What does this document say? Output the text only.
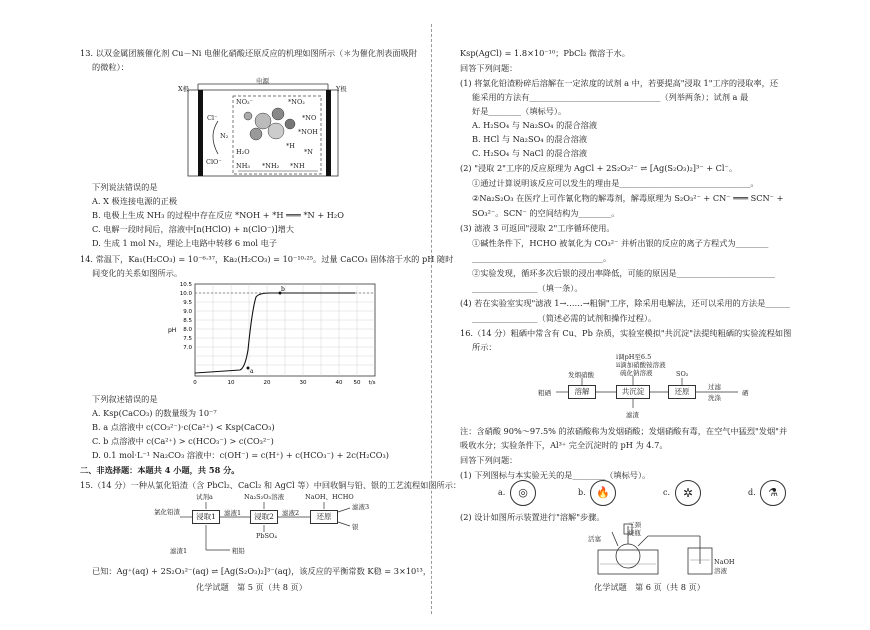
13. 以双金属团簇催化剂 Cu－Ni 电催化硝酸还原反应的机理如图所示（＊为催化剂表面吸附
的微粒）：
电源
X极	Y极
Cl⁻
N₂
ClO⁻
NO₃⁻	*NO₂
*NO
*NOH
*N
*H
H₂O
NH₃ *NH₂ *NH
下列说法错误的是
A. X 极连接电源的正极
B. 电极上生成 NH₃ 的过程中存在反应 *NOH + *H ═══ *N + H₂O
C. 电解一段时间后，溶液中[n(HClO) + n(ClO⁻)]增大
D. 生成 1 mol N₂，理论上电路中转移 6 mol 电子
14. 常温下，Ka₁(H₂CO₃) = 10⁻⁶·³⁷，Ka₂(H₂CO₃) = 10⁻¹⁰·²⁵。过量 CaCO₃ 固体溶于水的 pH 随时
间变化的关系如图所示。
a
b
10.5
10.0
9.5
9.0
8.5
8.0
7.5
7.0
0	10	20	30	40 50 t/s
pH
下列叙述错误的是
A. Ksp(CaCO₃) 的数量级为 10⁻⁷
B. a 点溶液中 c(CO₃²⁻)·c(Ca²⁺) < Ksp(CaCO₃)
C. b 点溶液中 c(Ca²⁺) > c(HCO₃⁻) > c(CO₃²⁻)
D. 0.1 mol·L⁻¹ Na₂CO₃ 溶液中：c(OH⁻) = c(H⁺) + c(HCO₃⁻) + 2c(H₂CO₃)
二、非选择题：本题共 4 小题，共 58 分。
15.（14 分）一种从氯化铅渣（含 PbCl₂、CaCl₂ 和 AgCl 等）中回收铜与铅、银的工艺流程如图所示：
试剂a	Na₂S₂O₃溶液	NaOH、HCHO
氯化铅渣	浸取1	浸取2	还原
滤液1	滤液2
滤液3
银
PbSO₄
滤渣1	粗铅
已知：Ag⁺(aq) + 2S₂O₃²⁻(aq) ⇌ [Ag(S₂O₃)₂]³⁻(aq)，该反应的平衡常数 K稳 = 3×10¹³，
化学试题　第 5 页（共 8 页）
Ksp(AgCl) = 1.8×10⁻¹⁰；PbCl₂ 微溶于水。
回答下列问题：
(1) 将氯化铅渣粉碎后溶解在一定浓度的试剂 a 中，若要提高"浸取 1"工序的浸取率，还
能采用的方法有________________________________（列举两条）；试剂 a 最
好是________（填标号）。
A. H₂SO₄ 与 Na₂SO₄ 的混合溶液
B. HCl 与 Na₂SO₄ 的混合溶液
C. H₂SO₄ 与 NaCl 的混合溶液
(2) "浸取 2"工序的反应原理为 AgCl + 2S₂O₃²⁻ ⇌ [Ag(S₂O₃)₂]³⁻ + Cl⁻。
①通过计算说明该反应可以发生的理由是________________________________。
②Na₂S₂O₃ 在医疗上可作氰化物的解毒剂，解毒原理为 S₂O₃²⁻ + CN⁻ ═══ SCN⁻ +
SO₃²⁻。SCN⁻ 的空间结构为________。
(3) 滤液 3 可返回"浸取 2"工序循环使用。
①碱性条件下，HCHO 被氧化为 CO₃²⁻ 并析出银的反应的离子方程式为________
________________________________。
②实验发现，循环多次后银的浸出率降低，可能的原因是________________________
________________（填一条）。
(4) 若在实验室实现"滤液 1→……→粗铜"工序，除采用电解法，还可以采用的方法是______
________________（简述必需的试剂和操作过程）。
16.（14 分）粗硒中常含有 Cu、Pb 杂质，实验室模拟"共沉淀"法提纯粗硒的实验流程如图
所示：
ⅰ调pH至6.5
ⅱ滴加硝酸铵溶液
硫化钠溶液
发烟硝酸	SO₂
粗硒	溶解	共沉淀	还原	过滤
洗涤
硒
滤渣
注：含硝酸 90%～97.5% 的浓硝酸称为发烟硝酸；发烟硝酸有毒，在空气中猛烈"发烟"并
吸收水分；实验条件下，Al³⁺ 完全沉淀时的 pH 为 4.7。
回答下列问题：
(1) 下列图标与本实验无关的是________（填标号）。
a.	◎	b. 🔥	c.	✲	d.	⚗
(2) 设计如图所示装置进行"溶解"步骤。
三颈
烧瓶
活塞
NaOH
溶液
化学试题　第 6 页（共 8 页）
